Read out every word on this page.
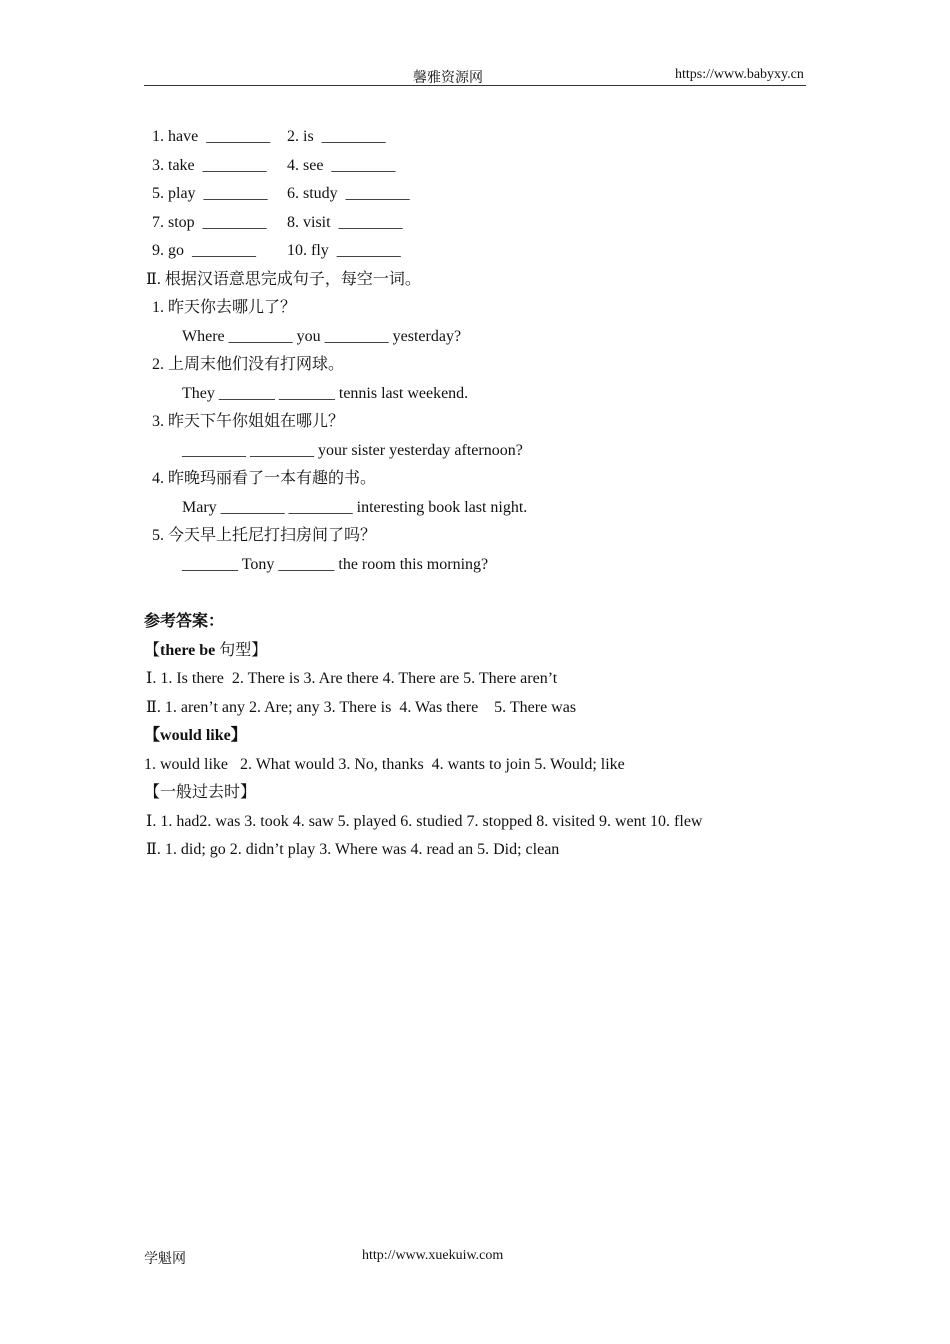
馨雅资源网	https://www.babyxy.cn
1. have  ________ 2. is  ________
3. take  ________ 4. see  ________
5. play  ________ 6. study  ________
7. stop  ________ 8. visit  ________
9. go  ________ 10. fly  ________
Ⅱ. 根据汉语意思完成句子，每空一词。
1. 昨天你去哪儿了？
Where ________ you ________ yesterday?
2. 上周末他们没有打网球。
They _______ _______ tennis last weekend.
3. 昨天下午你姐姐在哪儿？
________ ________ your sister yesterday afternoon?
4. 昨晚玛丽看了一本有趣的书。
Mary ________ ________ interesting book last night.
5. 今天早上托尼打扫房间了吗？
_______ Tony _______ the room this morning?
参考答案：
【there be 句型】
Ⅰ. 1. Is there  2. There is 3. Are there 4. There are 5. There aren’t
Ⅱ. 1. aren’t any 2. Are; any 3. There is  4. Was there    5. There was
【would like】
1. would like   2. What would 3. No, thanks  4. wants to join 5. Would; like
【一般过去时】
Ⅰ. 1. had2. was 3. took 4. saw 5. played 6. studied 7. stopped 8. visited 9. went 10. flew
Ⅱ. 1. did; go 2. didn’t play 3. Where was 4. read an 5. Did; clean
学魁网	http://www.xuekuiw.com
